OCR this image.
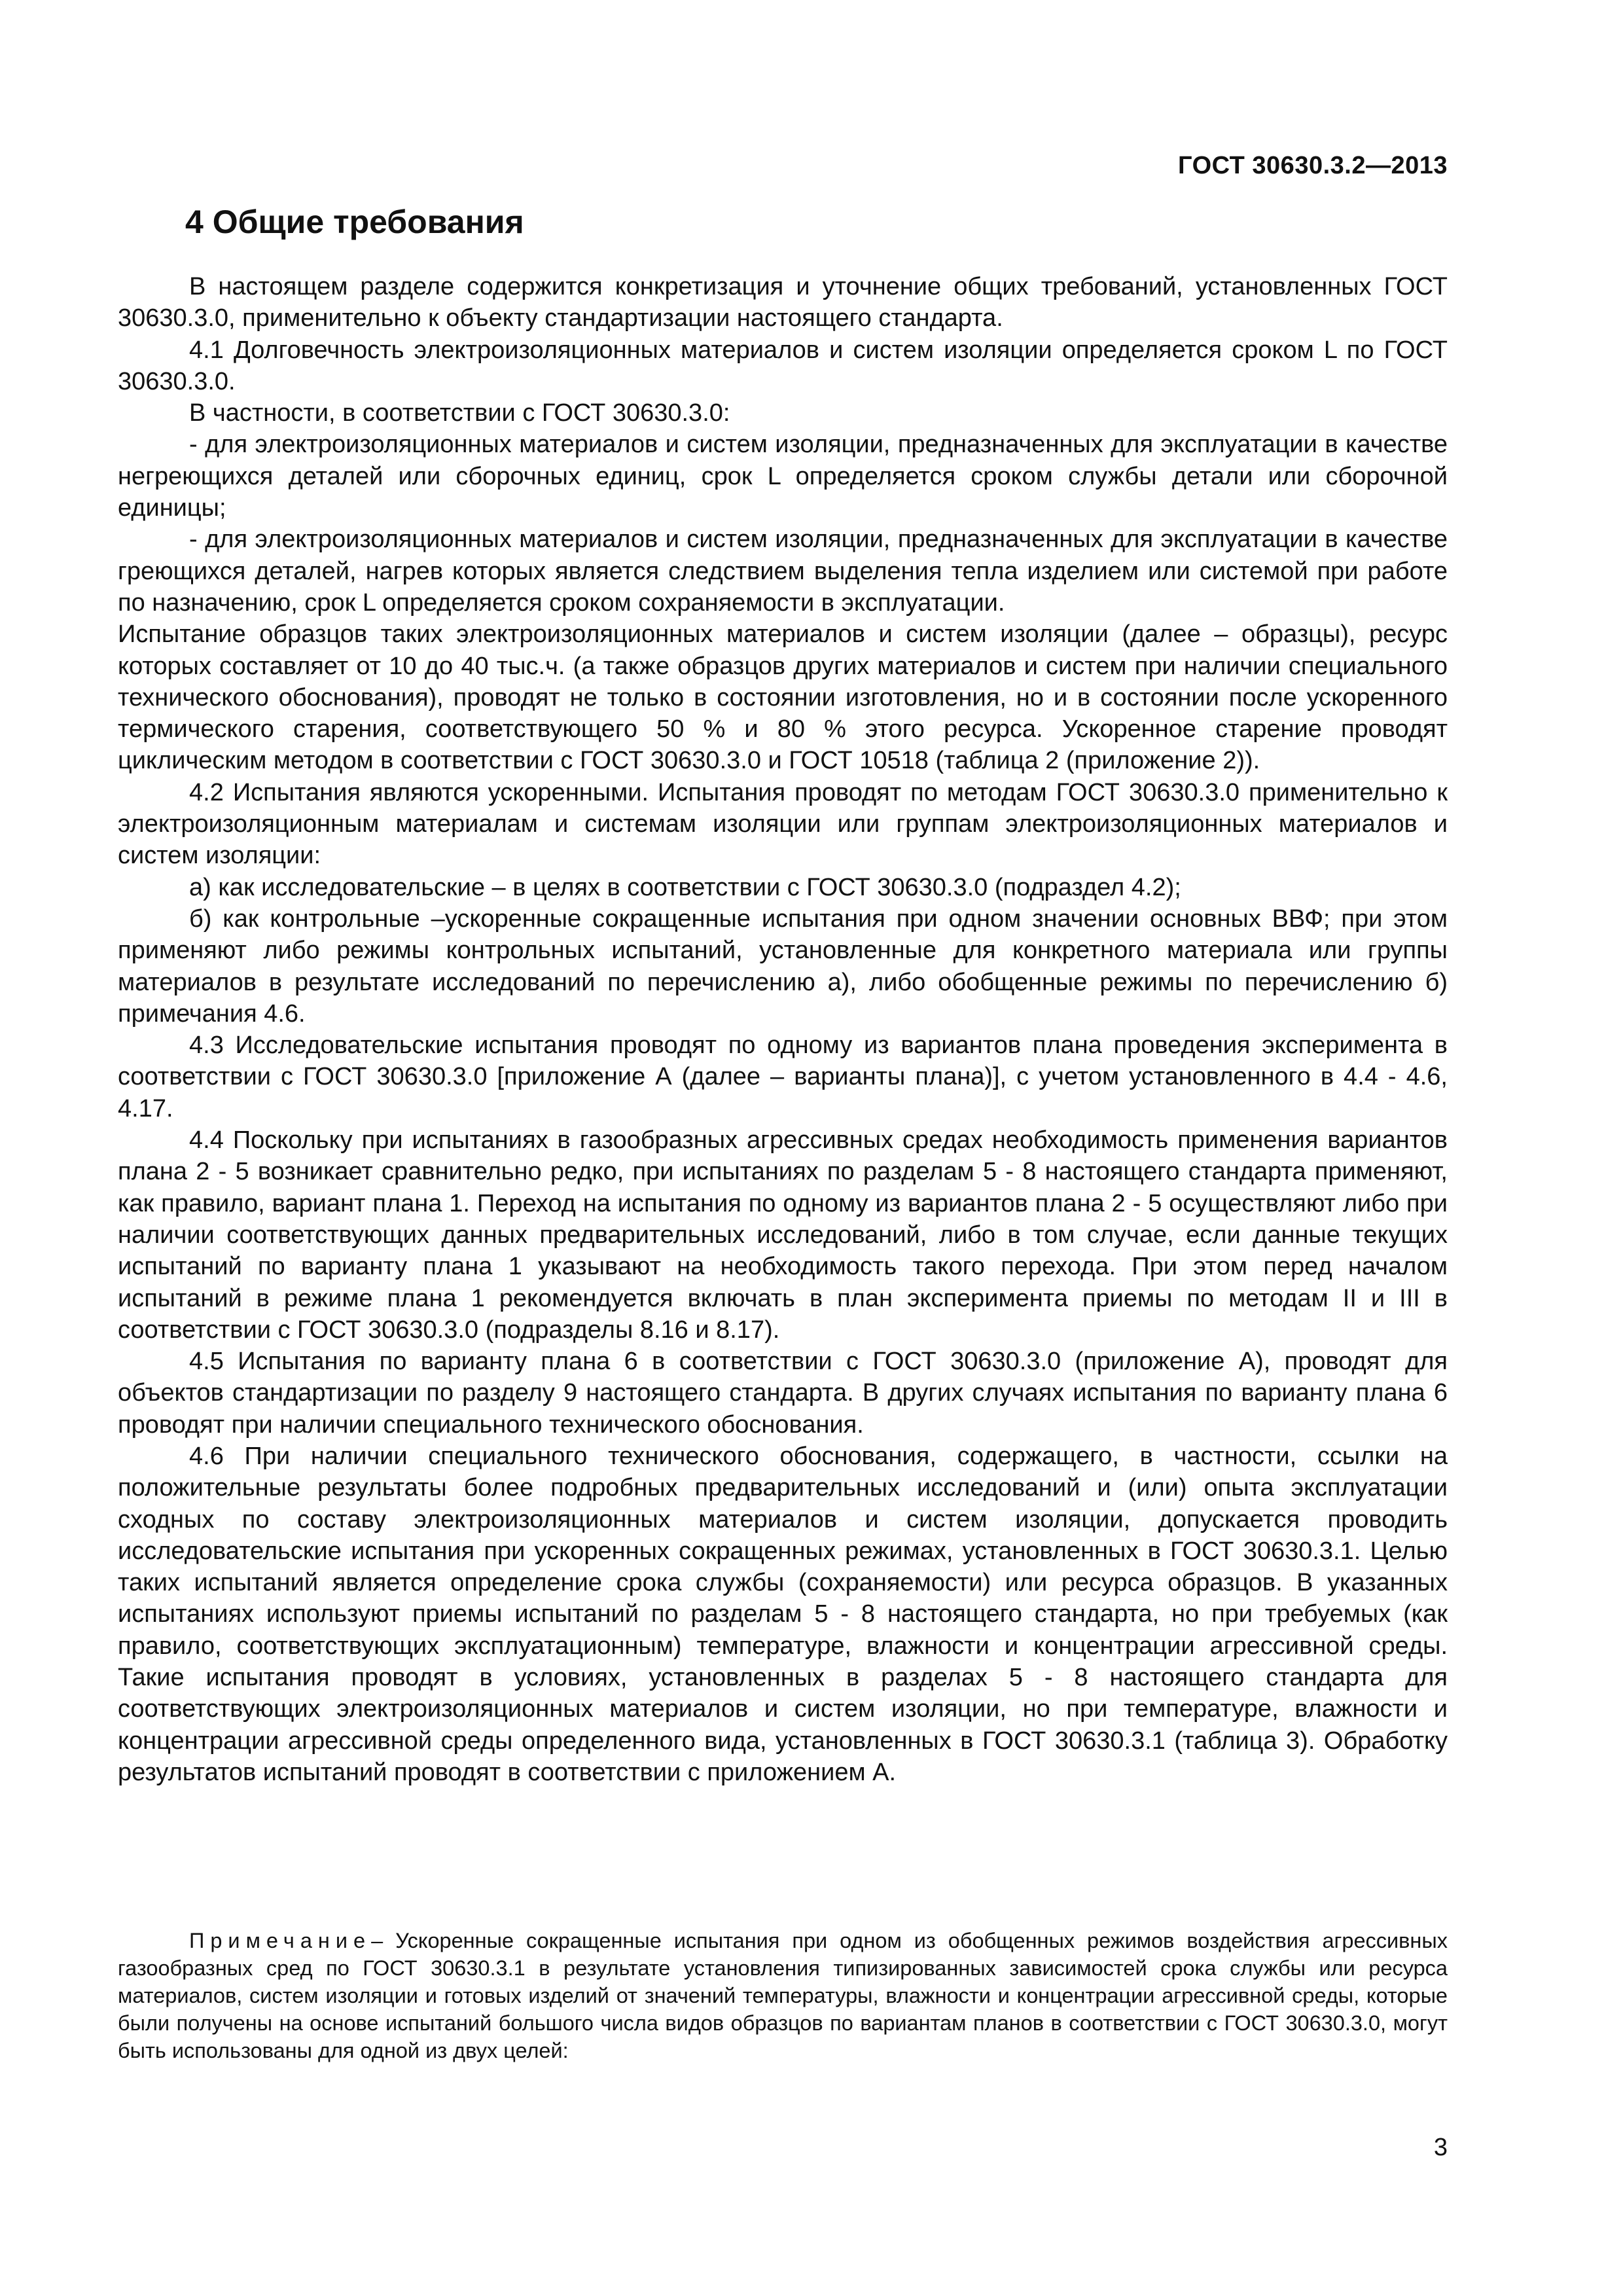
ГОСТ 30630.3.2—2013
4 Общие требования

В настоящем разделе содержится конкретизация и уточнение общих требований, установленных ГОСТ 30630.3.0, применительно к объекту стандартизации настоящего стандарта.

4.1 Долговечность электроизоляционных материалов и систем изоляции определяется сроком L по ГОСТ 30630.3.0.

В частности, в соответствии с ГОСТ 30630.3.0:

- для электроизоляционных материалов и систем изоляции, предназначенных для эксплуатации в качестве негреющихся деталей или сборочных единиц, срок L определяется сроком службы детали или сборочной единицы;

- для электроизоляционных материалов и систем изоляции, предназначенных для эксплуатации в качестве греющихся деталей, нагрев которых является следствием выделения тепла изделием или системой при работе по назначению, срок L определяется сроком сохраняемости в эксплуатации.

Испытание образцов таких электроизоляционных материалов и систем изоляции (далее – образцы), ресурс которых составляет от 10 до 40 тыс.ч. (а также образцов других материалов и систем при наличии специального технического обоснования), проводят не только в состоянии изготовления, но и в состоянии после ускоренного термического старения, соответствующего 50 % и 80 % этого ресурса. Ускоренное старение проводят циклическим методом в соответствии с ГОСТ 30630.3.0 и ГОСТ 10518 (таблица 2 (приложение 2)).

4.2 Испытания являются ускоренными. Испытания проводят по методам ГОСТ 30630.3.0 применительно к электроизоляционным материалам и системам изоляции или группам электроизоляционных материалов и систем изоляции:

а) как исследовательские – в целях в соответствии с ГОСТ 30630.3.0 (подраздел 4.2);

б) как контрольные –ускоренные сокращенные испытания при одном значении основных ВВФ; при этом применяют либо режимы контрольных испытаний, установленные для конкретного материала или группы материалов в результате исследований по перечислению а), либо обобщенные режимы по перечислению б) примечания 4.6.

4.3 Исследовательские испытания проводят по одному из вариантов плана проведения эксперимента в соответствии с ГОСТ 30630.3.0 [приложение А (далее – варианты плана)], с учетом установленного в 4.4 - 4.6, 4.17.

4.4 Поскольку при испытаниях в газообразных агрессивных средах необходимость применения вариантов плана 2 - 5 возникает сравнительно редко, при испытаниях по разделам 5 - 8 настоящего стандарта применяют, как правило, вариант плана 1. Переход на испытания по одному из вариантов плана 2 - 5 осуществляют либо при наличии соответствующих данных предварительных исследований, либо в том случае, если данные текущих испытаний по варианту плана 1 указывают на необходимость такого перехода. При этом перед началом испытаний в режиме плана 1 рекомендуется включать в план эксперимента приемы по методам II и III в соответствии с ГОСТ 30630.3.0 (подразделы 8.16 и 8.17).

4.5 Испытания по варианту плана 6 в соответствии с ГОСТ 30630.3.0 (приложение А), проводят для объектов стандартизации по разделу 9 настоящего стандарта. В других случаях испытания по варианту плана 6 проводят при наличии специального технического обоснования.

4.6 При наличии специального технического обоснования, содержащего, в частности, ссылки на положительные результаты более подробных предварительных исследований и (или) опыта эксплуатации сходных по составу электроизоляционных материалов и систем изоляции, допускается проводить исследовательские испытания при ускоренных сокращенных режимах, установленных в ГОСТ 30630.3.1. Целью таких испытаний является определение срока службы (сохраняемости) или ресурса образцов. В указанных испытаниях используют приемы испытаний по разделам 5 - 8 настоящего стандарта, но при требуемых (как правило, соответствующих эксплуатационным) температуре, влажности и концентрации агрессивной среды. Такие испытания проводят в условиях, установленных в разделах 5 - 8 настоящего стандарта для соответствующих электроизоляционных материалов и систем изоляции, но при температуре, влажности и концентрации агрессивной среды определенного вида, установленных в ГОСТ 30630.3.1 (таблица 3). Обработку результатов испытаний проводят в соответствии с приложением А.

Примечание– Ускоренные сокращенные испытания при одном из обобщенных режимов воздействия агрессивных газообразных сред по ГОСТ 30630.3.1 в результате установления типизированных зависимостей срока службы или ресурса материалов, систем изоляции и готовых изделий от значений температуры, влажности и концентрации агрессивной среды, которые были получены на основе испытаний большого числа видов образцов по вариантам планов в соответствии с ГОСТ 30630.3.0, могут быть использованы для одной из двух целей:

3
